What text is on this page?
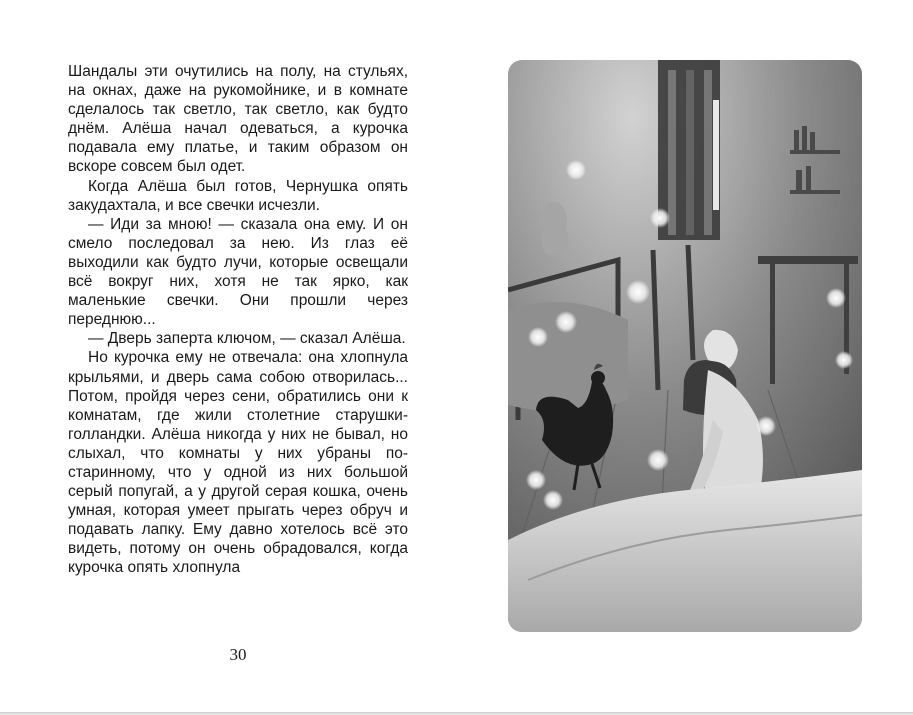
Шандалы эти очутились на полу, на стульях, на окнах, даже на рукомойнике, и в комнате сделалось так светло, так светло, как будто днём. Алёша начал одеваться, а курочка подавала ему платье, и таким образом он вскоре совсем был одет.

Когда Алёша был готов, Чернушка опять закудахтала, и все свечки исчезли.

— Иди за мною! — сказала она ему. И он смело последовал за нею. Из глаз её выходили как будто лучи, которые освещали всё вокруг них, хотя не так ярко, как маленькие свечки. Они прошли через переднюю...

— Дверь заперта ключом, — сказал Алёша.

Но курочка ему не отвечала: она хлопнула крыльями, и дверь сама собою отворилась... Потом, пройдя через сени, обратились они к комнатам, где жили столетние старушки-голландки. Алёша никогда у них не бывал, но слыхал, что комнаты у них убраны по-старинному, что у одной из них большой серый попугай, а у другой серая кошка, очень умная, которая умеет прыгать через обруч и подавать лапку. Ему давно хотелось всё это видеть, потому он очень обрадовался, когда курочка опять хлопнула

30
